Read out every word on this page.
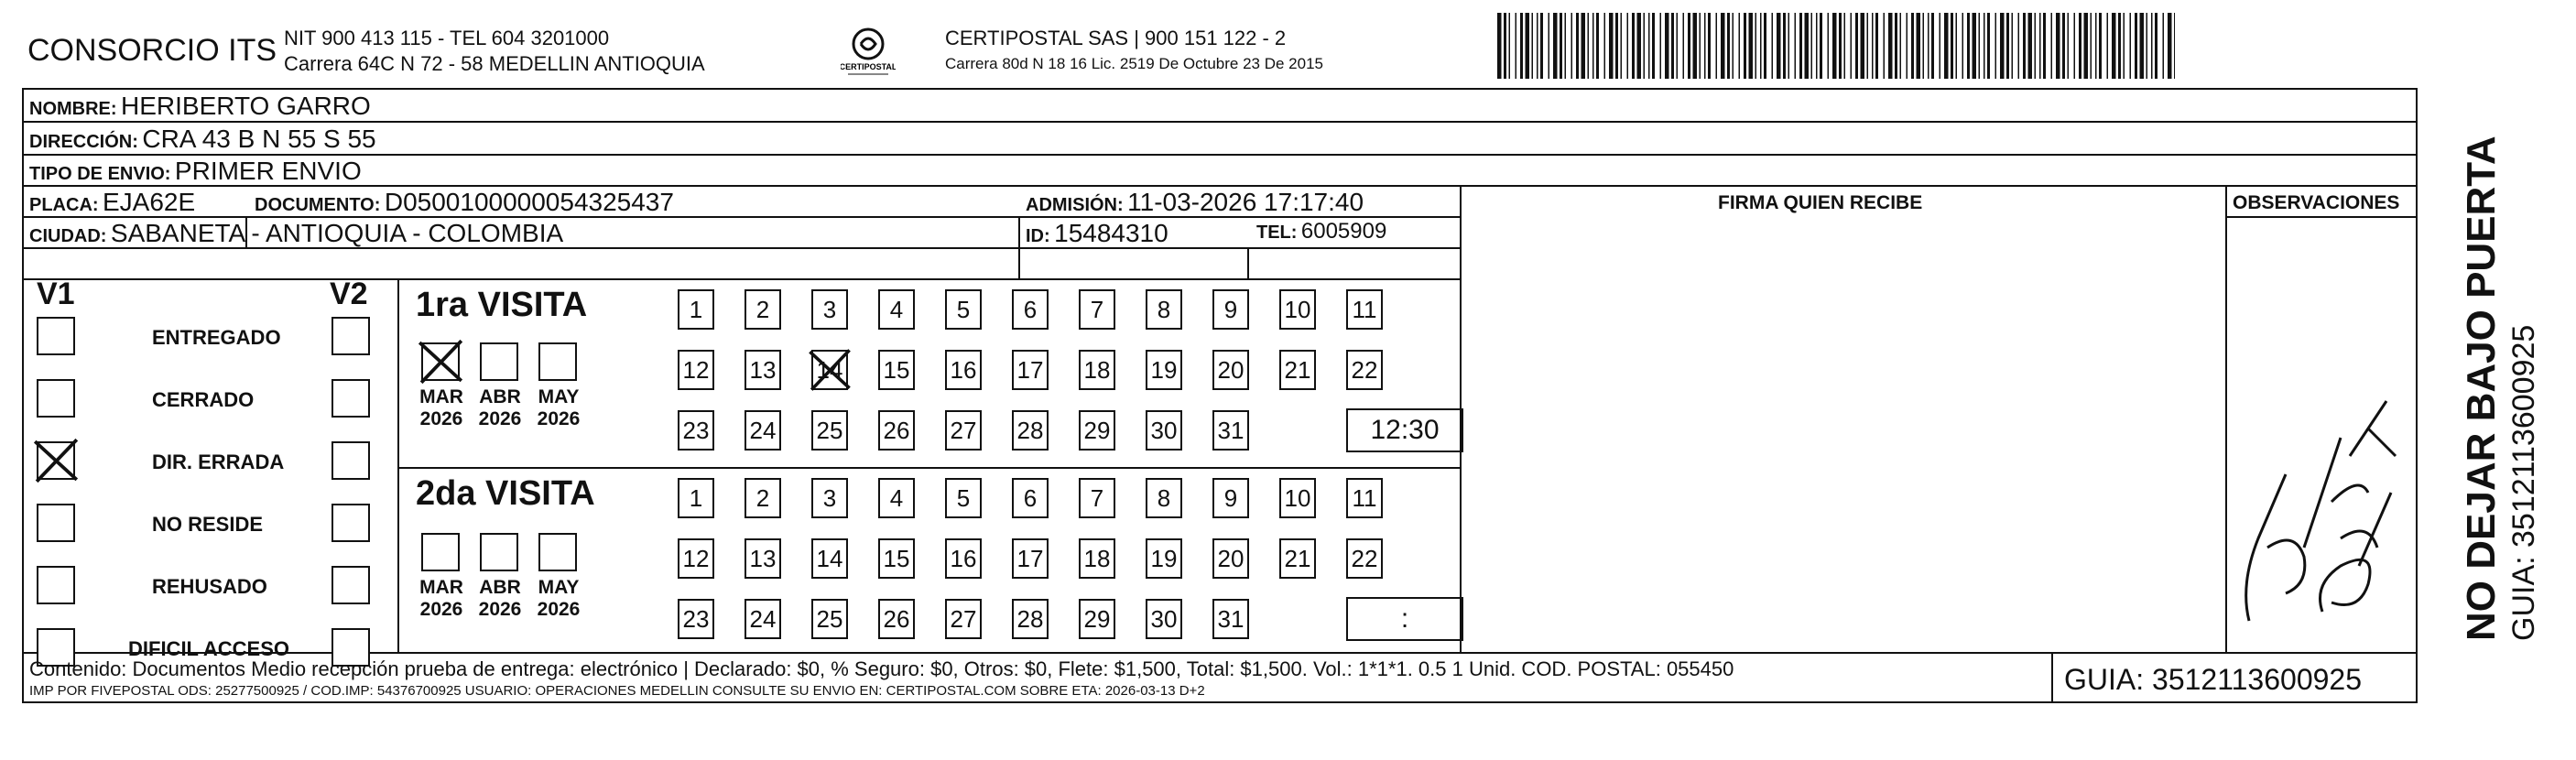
CONSORCIO ITS NIT 900 413 115 - TEL 604 3201000
Carrera 64C N 72 - 58 MEDELLIN ANTIOQUIA	CERTIPOSTAL
CERTIPOSTAL SAS | 900 151 122 - 2
Carrera 80d N 18 16 Lic. 2519 De Octubre 23 De 2015
NOMBRE: HERIBERTO GARRO
DIRECCIÓN: CRA 43 B N 55 S 55
TIPO DE ENVIO: PRIMER ENVIO
FIRMA QUIEN RECIBE	OBSERVACIONES
PLACA: EJA62E	DOCUMENTO: D0500100000054325437	ADMISIÓN: 11-03-2026 17:17:40
CIUDAD: SABANETA - ANTIOQUIA - COLOMBIA	ID: 15484310	TEL: 6005909
V1	V2
ENTREGADO
CERRADO
DIR. ERRADA
NO RESIDE
REHUSADO
DIFICIL ACCESO
1ra VISITA
MAR
2026
ABR
2026
MAY
2026
1	2	3	4	5	6	7	8	9	10 11
12 13 14 15 16 17 18 19 20 21 22
23 24 25 26 27 28 29 30 31	12:30
2da VISITA
MAR
2026
ABR
2026
MAY
2026
1	2	3	4	5	6	7	8	9	10 11
12 13 14 15 16 17 18 19 20 21 22
23 24 25 26 27 28 29 30 31	:
Contenido: Documentos Medio recepción prueba de entrega: electrónico | Declarado: $0, % Seguro: $0, Otros: $0, Flete: $1,500, Total: $1,500. Vol.: 1*1*1. 0.5 1 Unid. COD. POSTAL: 055450
IMP POR FIVEPOSTAL ODS: 25277500925 / COD.IMP: 54376700925 USUARIO: OPERACIONES MEDELLIN CONSULTE SU ENVIO EN: CERTIPOSTAL.COM SOBRE ETA: 2026-03-13 D+2	GUIA: 3512113600925
NO DEJAR BAJO PUERTA GUIA: 3512113600925
